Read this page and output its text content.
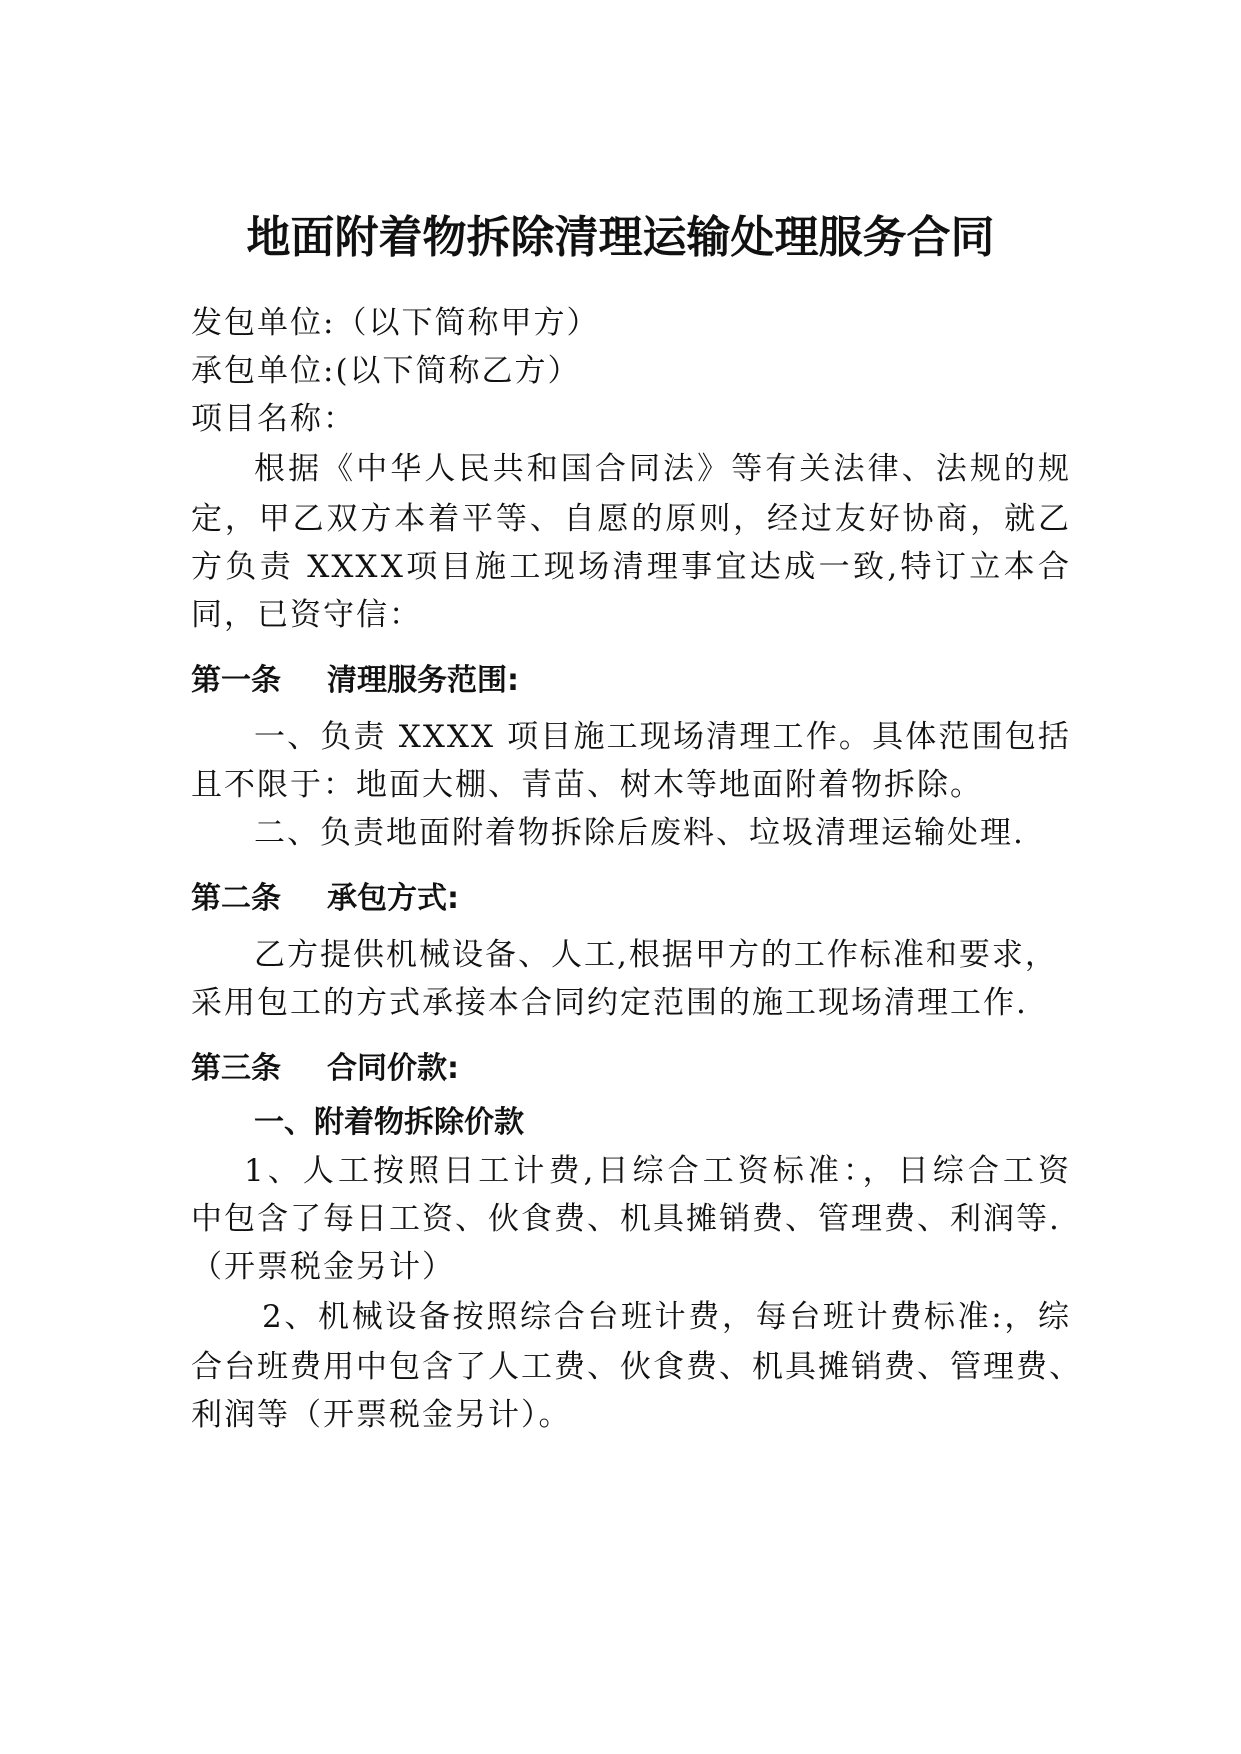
地面附着物拆除清理运输处理服务合同
发包单位:（以下简称甲方）
承包单位:(以下简称乙方）
项目名称：
根据《中华人民共和国合同法》等有关法律、法规的规
定，甲乙双方本着平等、自愿的原则，经过友好协商，就乙
方负责 XXXⅩ项目施工现场清理事宜达成一致,特订立本合
同，已资守信：
第一条 清理服务范围:
一、负责 XXXX 项目施工现场清理工作。具体范围包括
且不限于：地面大棚、青苗、树木等地面附着物拆除。
二、负责地面附着物拆除后废料、垃圾清理运输处理.
第二条 承包方式:
乙方提供机械设备、人工,根据甲方的工作标准和要求，
采用包工的方式承接本合同约定范围的施工现场清理工作.
第三条 合同价款:
一、附着物拆除价款
1、人工按照日工计费,日综合工资标准：，日综合工资
中包含了每日工资、伙食费、机具摊销费、管理费、利润等.
（开票税金另计）
2、机械设备按照综合台班计费，每台班计费标准:，综
合台班费用中包含了人工费、伙食费、机具摊销费、管理费、
利润等（开票税金另计）。
